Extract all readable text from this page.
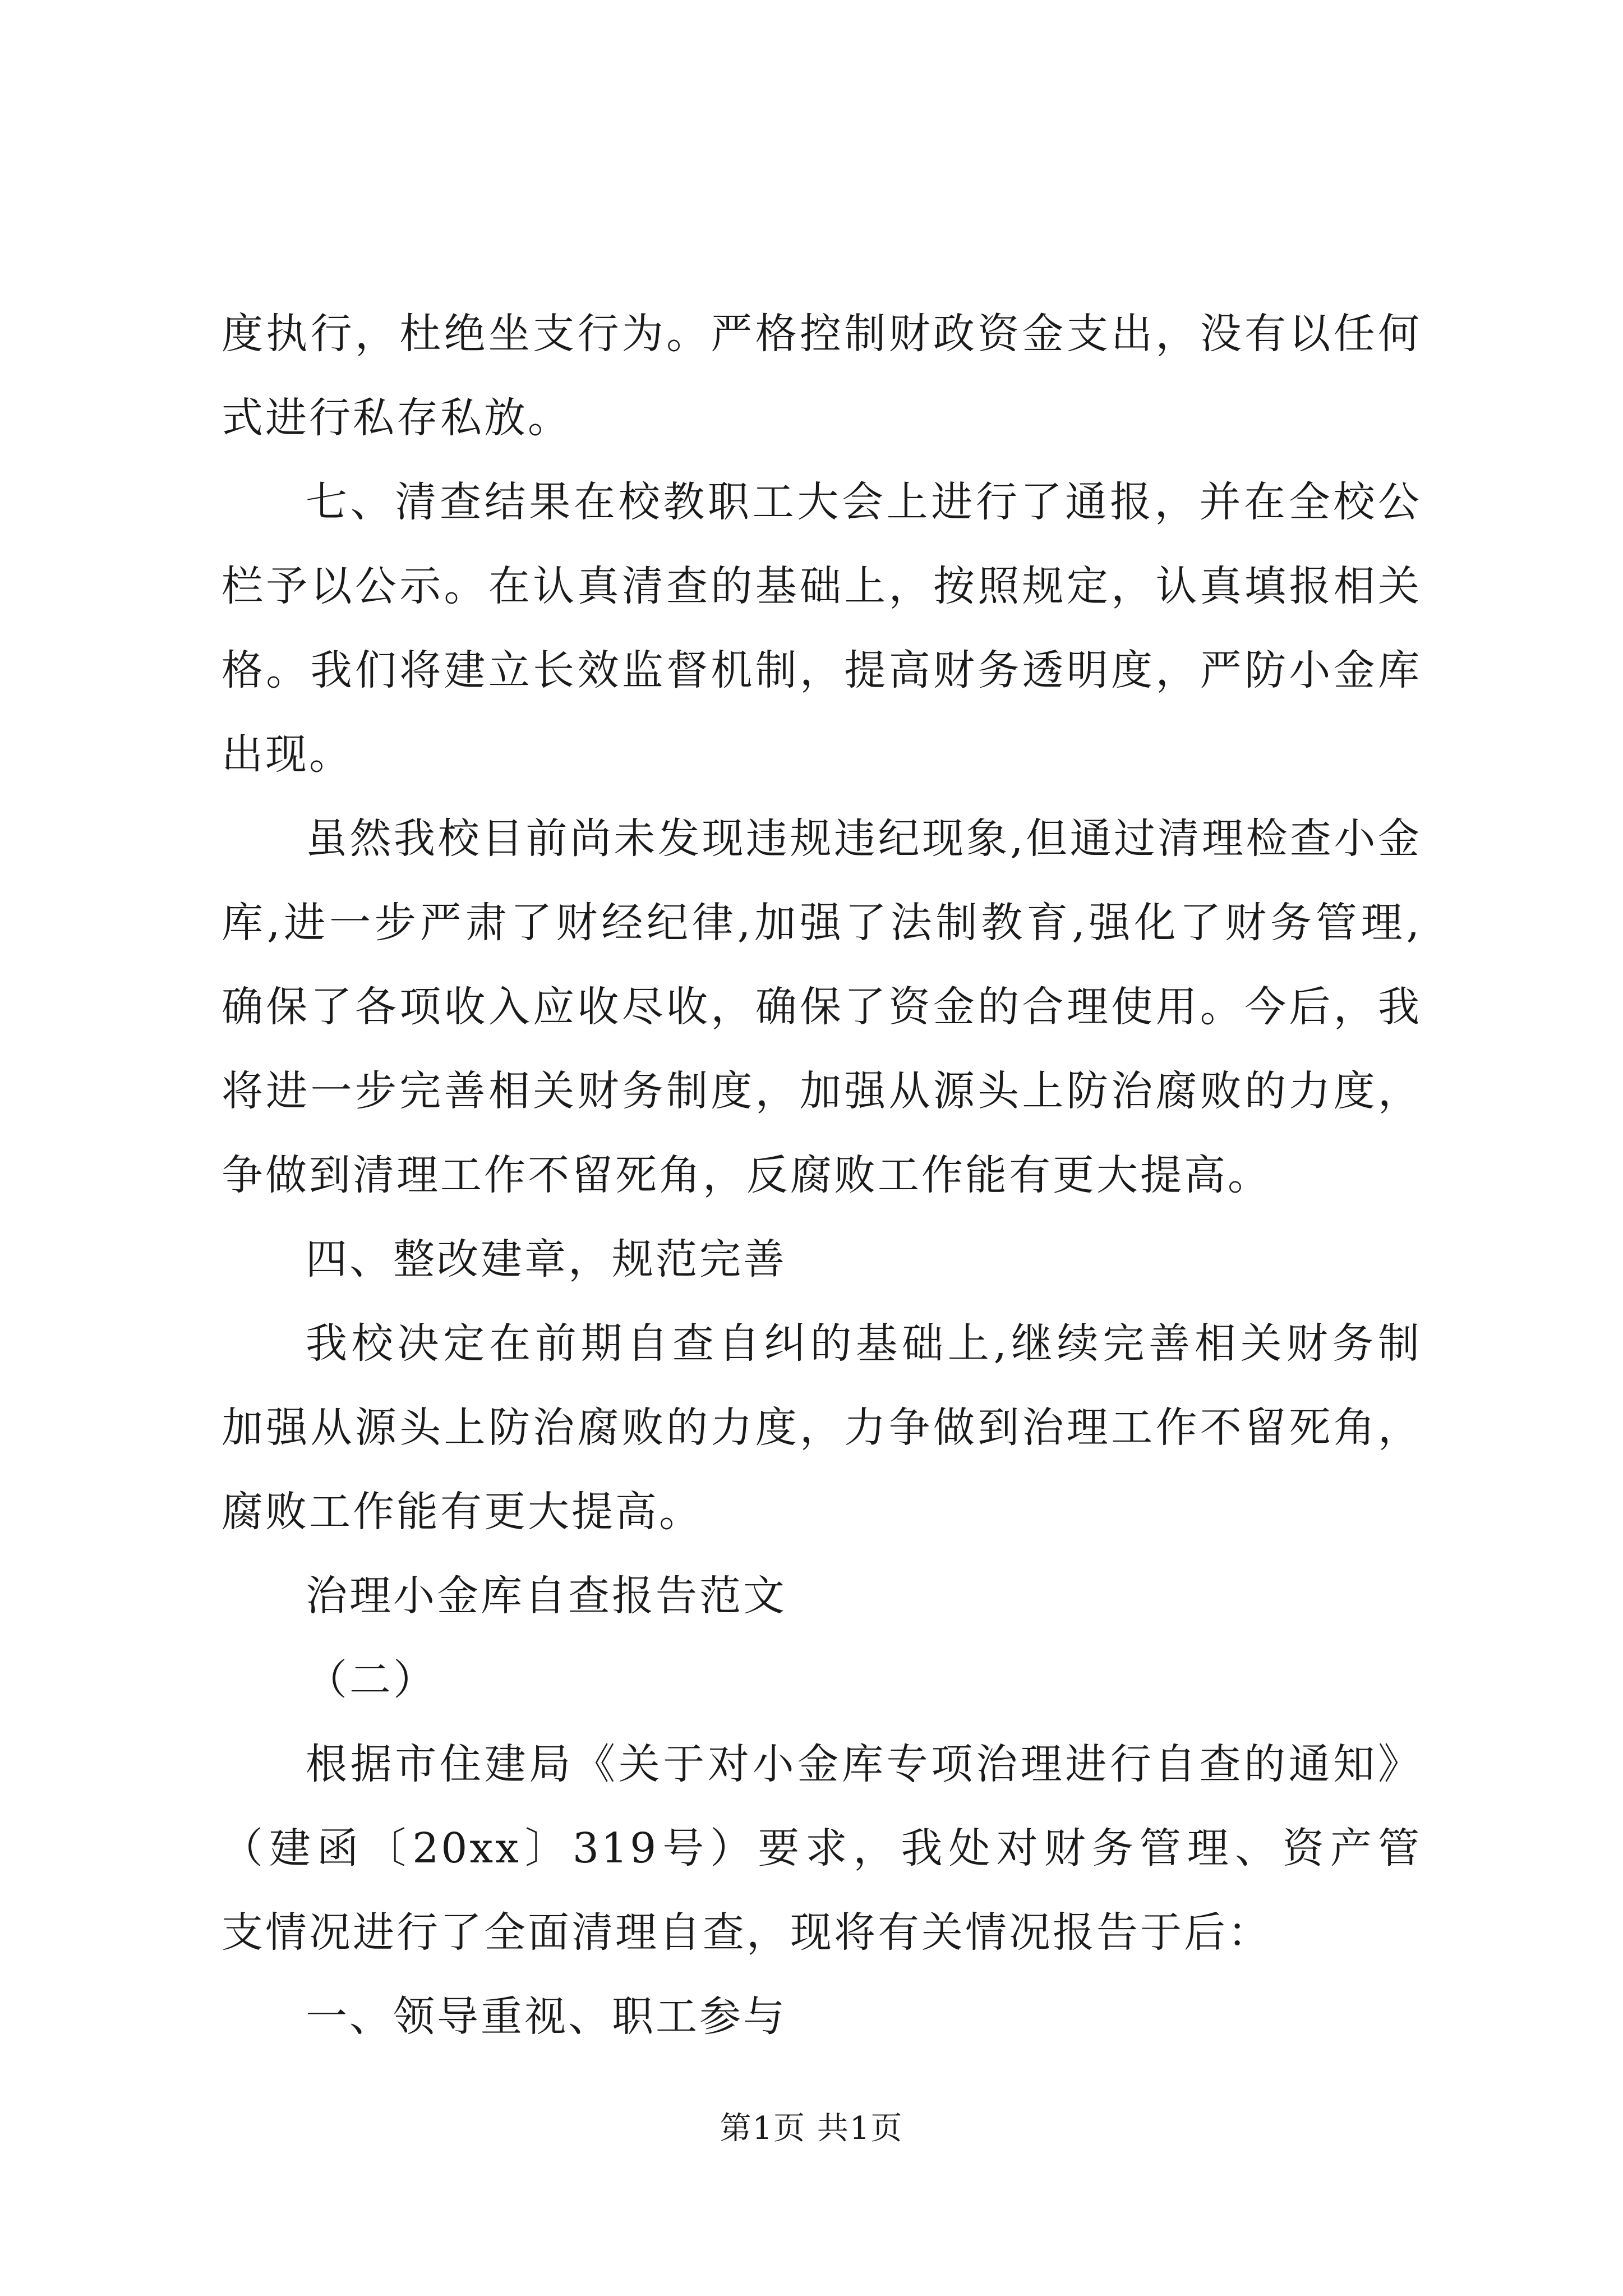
度执行，杜绝坐支行为。严格控制财政资金支出，没有以任何
式进行私存私放。
七、清查结果在校教职工大会上进行了通报，并在全校公
栏予以公示。在认真清查的基础上，按照规定，认真填报相关
格。我们将建立长效监督机制，提高财务透明度，严防小金库
出现。
虽然我校目前尚未发现违规违纪现象,但通过清理检查小金
库,进一步严肃了财经纪律,加强了法制教育,强化了财务管理,
确保了各项收入应收尽收，确保了资金的合理使用。今后，我
将进一步完善相关财务制度，加强从源头上防治腐败的力度，
争做到清理工作不留死角，反腐败工作能有更大提高。
四、整改建章，规范完善
我校决定在前期自查自纠的基础上,继续完善相关财务制
加强从源头上防治腐败的力度，力争做到治理工作不留死角，
腐败工作能有更大提高。
治理小金库自查报告范文
（二）
根据市住建局《关于对小金库专项治理进行自查的通知》
（建函〔20xx〕319号）要求，我处对财务管理、资产管
支情况进行了全面清理自查，现将有关情况报告于后：
一、领导重视、职工参与
第1页 共1页
